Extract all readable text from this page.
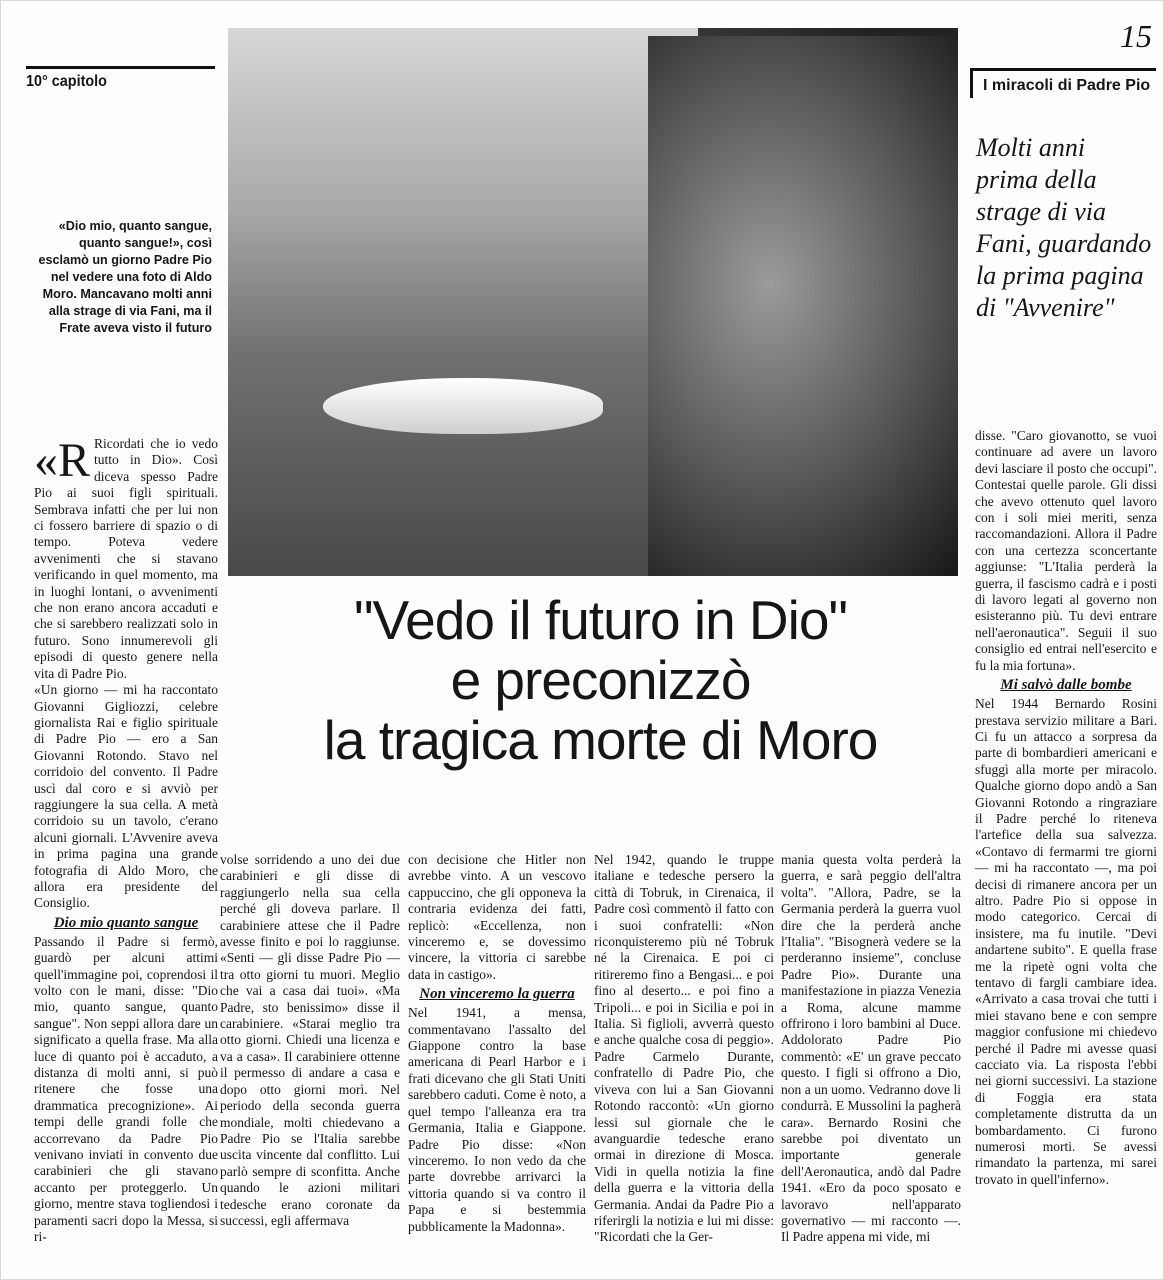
15
10° capitolo	I miracoli di Padre Pio
«Dio mio, quanto sangue, quanto sangue!», così esclamò un giorno Padre Pio nel vedere una foto di Aldo Moro. Mancavano molti anni alla strage di via Fani, ma il Frate aveva visto il futuro
Molti anni prima della strage di via Fani, guardando la prima pagina di "Avvenire"
"Vedo il futuro in Dio"
e preconizzò
la tragica morte di Moro
«R Ricordati che io vedo tutto in Dio». Così diceva spesso Padre Pio ai suoi figli spirituali. Sembrava infatti che per lui non ci fossero barriere di spazio o di tempo. Poteva vedere avvenimenti che si stavano verificando in quel momento, ma in luoghi lontani, o avvenimenti che non erano ancora accaduti e che si sarebbero realizzati solo in futuro. Sono innumerevoli gli episodi di questo genere nella vita di Padre Pio.
«Un giorno — mi ha raccontato Giovanni Gigliozzi, celebre giornalista Rai e figlio spirituale di Padre Pio — ero a San Giovanni Rotondo. Stavo nel corridoio del convento. Il Padre uscì dal coro e si avviò per raggiungere la sua cella. A metà corridoio su un tavolo, c'erano alcuni giornali. L'Avvenire aveva in prima pagina una grande fotografia di Aldo Moro, che allora era presidente del Consiglio.
Dio mio quanto sangue
Passando il Padre si fermò, guardò per alcuni attimi quell'immagine poi, coprendosi il volto con le mani, disse: "Dio mio, quanto sangue, quanto sangue". Non seppi allora dare un significato a quella frase. Ma alla luce di quanto poi è accaduto, a distanza di molti anni, si può ritenere che fosse una drammatica precognizione». Ai tempi delle grandi folle che accorrevano da Padre Pio venivano inviati in convento due carabinieri che gli stavano accanto per proteggerlo. Un giorno, mentre stava togliendosi i paramenti sacri dopo la Messa, si ri-
volse sorridendo a uno dei due carabinieri e gli disse di raggiungerlo nella sua cella perché gli doveva parlare. Il carabiniere attese che il Padre avesse finito e poi lo raggiunse. «Senti — gli disse Padre Pio — tra otto giorni tu muori. Meglio che vai a casa dai tuoi». «Ma Padre, sto benissimo» disse il carabiniere. «Starai meglio tra otto giorni. Chiedi una licenza e va a casa». Il carabiniere ottenne il permesso di andare a casa e dopo otto giorni morì. Nel periodo della seconda guerra mondiale, molti chiedevano a Padre Pio se l'Italia sarebbe uscita vincente dal conflitto. Lui parlò sempre di sconfitta. Anche quando le azioni militari tedesche erano coronate da successi, egli affermava
con decisione che Hitler non avrebbe vinto. A un vescovo cappuccino, che gli opponeva la contraria evidenza dei fatti, replicò: «Eccellenza, non vinceremo e, se dovessimo vincere, la vittoria ci sarebbe data in castigo».
Non vinceremo la guerra
Nel 1941, a mensa, commentavano l'assalto del Giappone contro la base americana di Pearl Harbor e i frati dicevano che gli Stati Uniti sarebbero caduti. Come è noto, a quel tempo l'alleanza era tra Germania, Italia e Giappone. Padre Pio disse: «Non vinceremo. Io non vedo da che parte dovrebbe arrivarci la vittoria quando si va contro il Papa e si bestemmia pubblicamente la Madonna».
Nel 1942, quando le truppe italiane e tedesche persero la città di Tobruk, in Cirenaica, il Padre così commentò il fatto con i suoi confratelli: «Non riconquisteremo più né Tobruk né la Cirenaica. E poi ci ritireremo fino a Bengasi... e poi fino al deserto... e poi fino a Tripoli... e poi in Sicilia e poi in Italia. Sì figlioli, avverrà questo e anche qualche cosa di peggio». Padre Carmelo Durante, confratello di Padre Pio, che viveva con lui a San Giovanni Rotondo raccontò: «Un giorno lessi sul giornale che le avanguardie tedesche erano ormai in direzione di Mosca. Vidi in quella notizia la fine della guerra e la vittoria della Germania. Andai da Padre Pio a riferirgli la notizia e lui mi disse: "Ricordati che la Ger-
mania questa volta perderà la guerra, e sarà peggio dell'altra volta". "Allora, Padre, se la Germania perderà la guerra vuol dire che la perderà anche l'Italia". "Bisognerà vedere se la perderanno insieme", concluse Padre Pio». Durante una manifestazione in piazza Venezia a Roma, alcune mamme offrirono i loro bambini al Duce. Addolorato Padre Pio commentò: «E' un grave peccato questo. I figli si offrono a Dio, non a un uomo. Vedranno dove li condurrà. E Mussolini la pagherà cara». Bernardo Rosini che sarebbe poi diventato un importante generale dell'Aeronautica, andò dal Padre 1941. «Ero da poco sposato e lavoravo nell'apparato governativo — mi racconto —. Il Padre appena mi vide, mi
disse. "Caro giovanotto, se vuoi continuare ad avere un lavoro devi lasciare il posto che occupi". Contestai quelle parole. Gli dissi che avevo ottenuto quel lavoro con i soli miei meriti, senza raccomandazioni. Allora il Padre con una certezza sconcertante aggiunse: "L'Italia perderà la guerra, il fascismo cadrà e i posti di lavoro legati al governo non esisteranno più. Tu devi entrare nell'aeronautica". Seguii il suo consiglio ed entrai nell'esercito e fu la mia fortuna».
Mi salvò dalle bombe
Nel 1944 Bernardo Rosini prestava servizio militare a Bari. Ci fu un attacco a sorpresa da parte di bombardieri americani e sfuggì alla morte per miracolo. Qualche giorno dopo andò a San Giovanni Rotondo a ringraziare il Padre perché lo riteneva l'artefice della sua salvezza. «Contavo di fermarmi tre giorni — mi ha raccontato —, ma poi decisi di rimanere ancora per un altro. Padre Pio si oppose in modo categorico. Cercai di insistere, ma fu inutile. "Devi andartene subito". E quella frase me la ripetè ogni volta che tentavo di fargli cambiare idea. «Arrivato a casa trovai che tutti i miei stavano bene e con sempre maggior confusione mi chiedevo perché il Padre mi avesse quasi cacciato via. La risposta l'ebbi nei giorni successivi. La stazione di Foggia era stata completamente distrutta da un bombardamento. Ci furono numerosi morti. Se avessi rimandato la partenza, mi sarei trovato in quell'inferno».
